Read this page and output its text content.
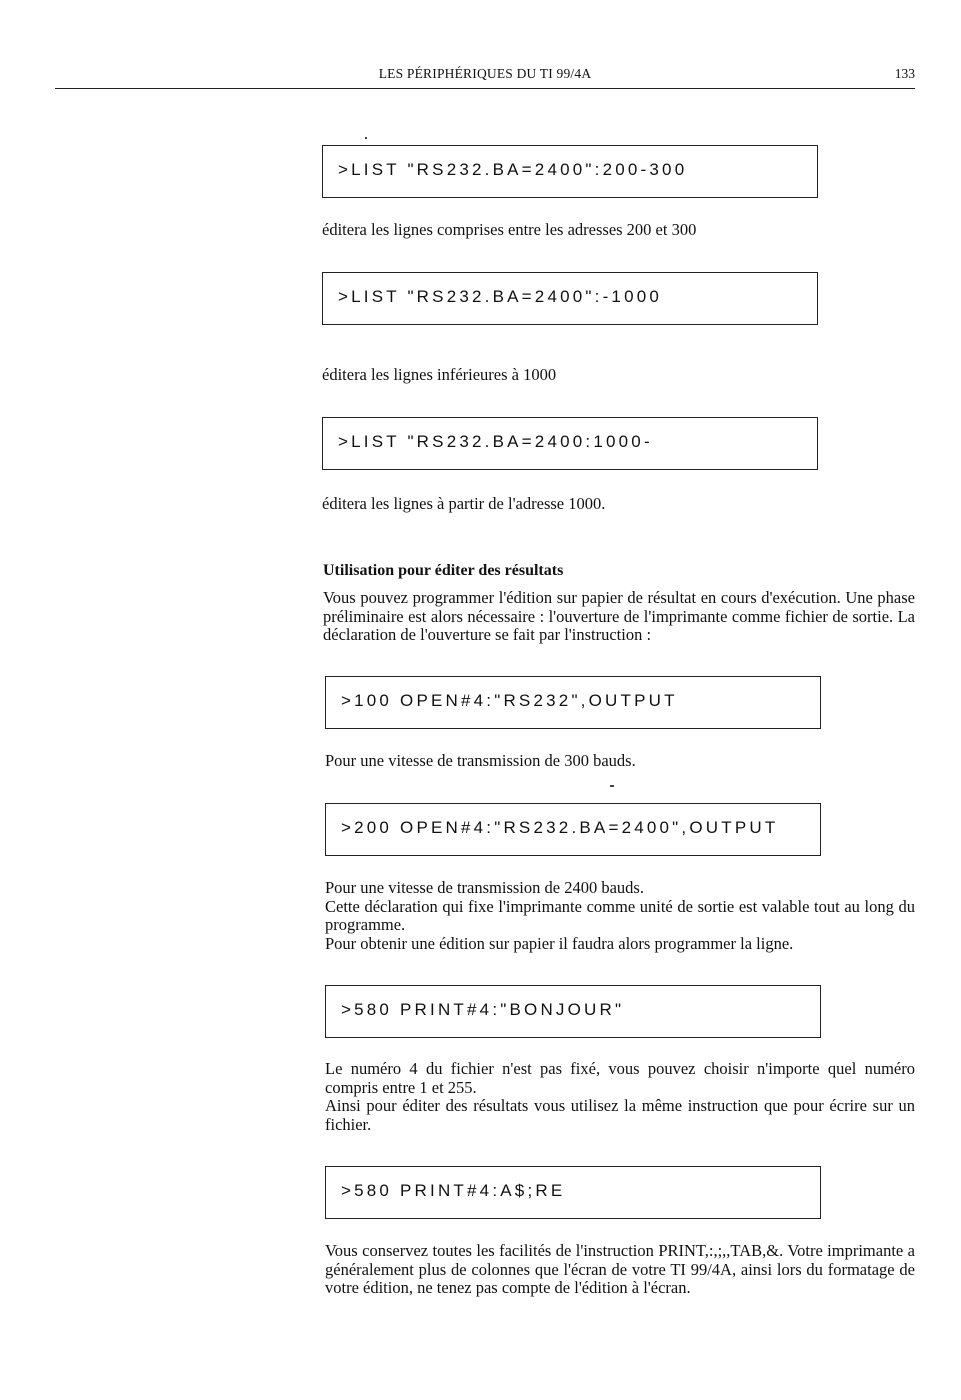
LES PÉRIPHÉRIQUES DU TI 99/4A	133
>LIST "RS232.BA=2400":200-300

éditera les lignes comprises entre les adresses 200 et 300

>LIST "RS232.BA=2400":-1000

éditera les lignes inférieures à 1000

>LIST "RS232.BA=2400:1000-

éditera les lignes à partir de l'adresse 1000.

Utilisation pour éditer des résultats

Vous pouvez programmer l'édition sur papier de résultat en cours d'exécution. Une phase préliminaire est alors nécessaire : l'ouverture de l'imprimante comme fichier de sortie. La déclaration de l'ouverture se fait par l'instruction :

>100 OPEN#4:"RS232",OUTPUT

Pour une vitesse de transmission de 300 bauds.

>200 OPEN#4:"RS232.BA=2400",OUTPUT

Pour une vitesse de transmission de 2400 bauds.

Cette déclaration qui fixe l'imprimante comme unité de sortie est valable tout au long du programme.

Pour obtenir une édition sur papier il faudra alors programmer la ligne.

>580 PRINT#4:"BONJOUR"

Le numéro 4 du fichier n'est pas fixé, vous pouvez choisir n'importe quel numéro compris entre 1 et 255.

Ainsi pour éditer des résultats vous utilisez la même instruction que pour écrire sur un fichier.

>580 PRINT#4:A$;RE

Vous conservez toutes les facilités de l'instruction PRINT,:,;,,TAB,&. Votre imprimante a généralement plus de colonnes que l'écran de votre TI 99/4A, ainsi lors du formatage de votre édition, ne tenez pas compte de l'édition à l'écran.
